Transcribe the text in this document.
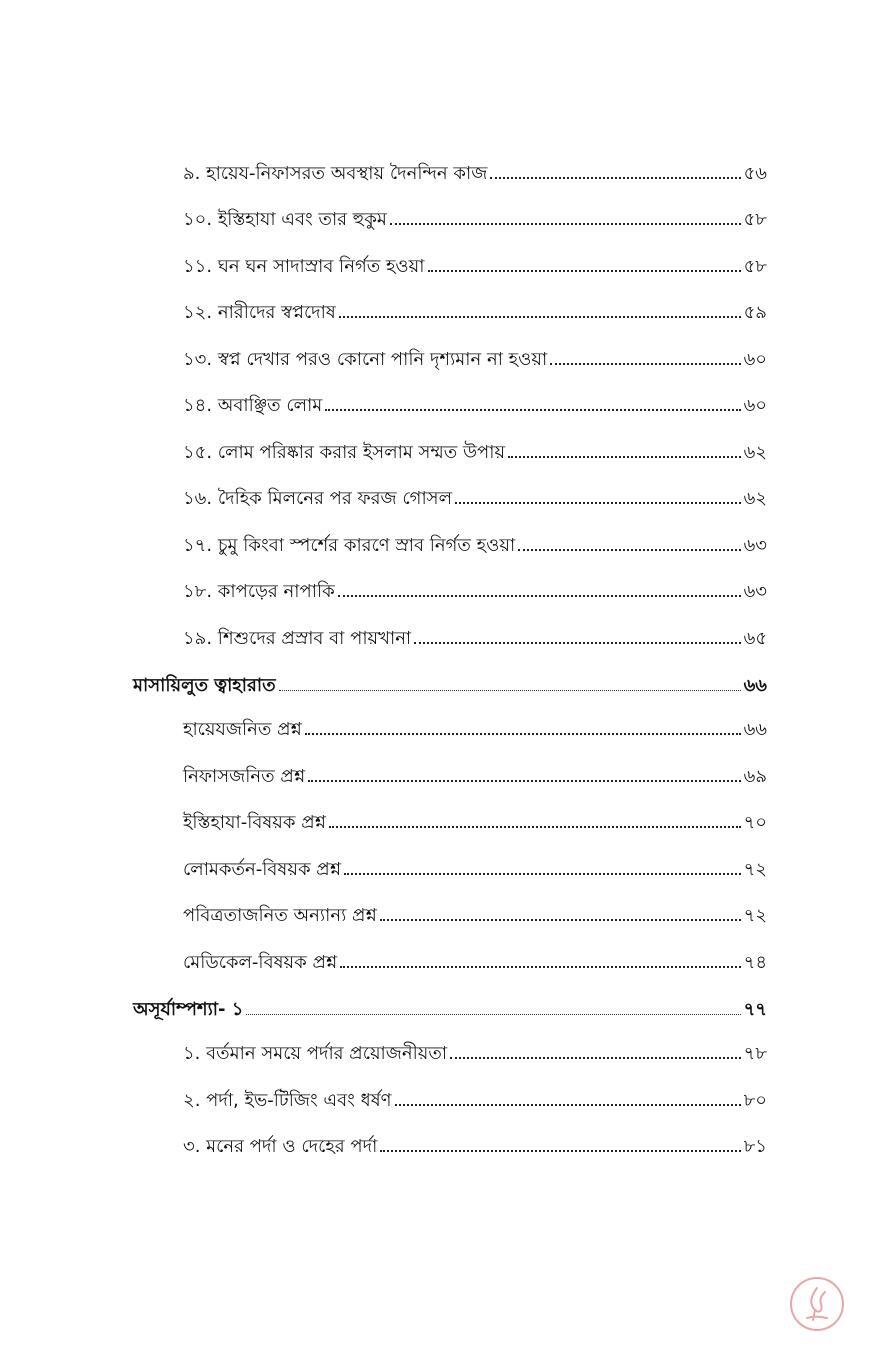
৯. হায়েয-নিফাসরত অবস্থায় দৈনন্দিন কাজ	৫৬
১০. ইস্তিহাযা এবং তার হুকুম	৫৮
১১. ঘন ঘন সাদাস্রাব নির্গত হওয়া	৫৮
১২. নারীদের স্বপ্নদোষ	৫৯
১৩. স্বপ্ন দেখার পরও কোনো পানি দৃশ্যমান না হওয়া	৬০
১৪. অবাঞ্ছিত লোম	৬০
১৫. লোম পরিষ্কার করার ইসলাম সম্মত উপায়	৬২
১৬. দৈহিক মিলনের পর ফরজ গোসল	৬২
১৭. চুমু কিংবা স্পর্শের কারণে স্রাব নির্গত হওয়া	৬৩
১৮. কাপড়ের নাপাকি	৬৩
১৯. শিশুদের প্রস্রাব বা পায়খানা	৬৫
মাসায়িলুত ত্বাহারাত	৬৬
হায়েযজনিত প্রশ্ন	৬৬
নিফাসজনিত প্রশ্ন	৬৯
ইস্তিহাযা-বিষয়ক প্রশ্ন	৭০
লোমকর্তন-বিষয়ক প্রশ্ন	৭২
পবিত্রতাজনিত অন্যান্য প্রশ্ন	৭২
মেডিকেল-বিষয়ক প্রশ্ন	৭৪
অসূর্যাম্পশ্যা- ১	৭৭
১. বর্তমান সময়ে পর্দার প্রয়োজনীয়তা	৭৮
২. পর্দা, ইভ-টিজিং এবং ধর্ষণ	৮০
৩. মনের পর্দা ও দেহের পর্দা	৮১
